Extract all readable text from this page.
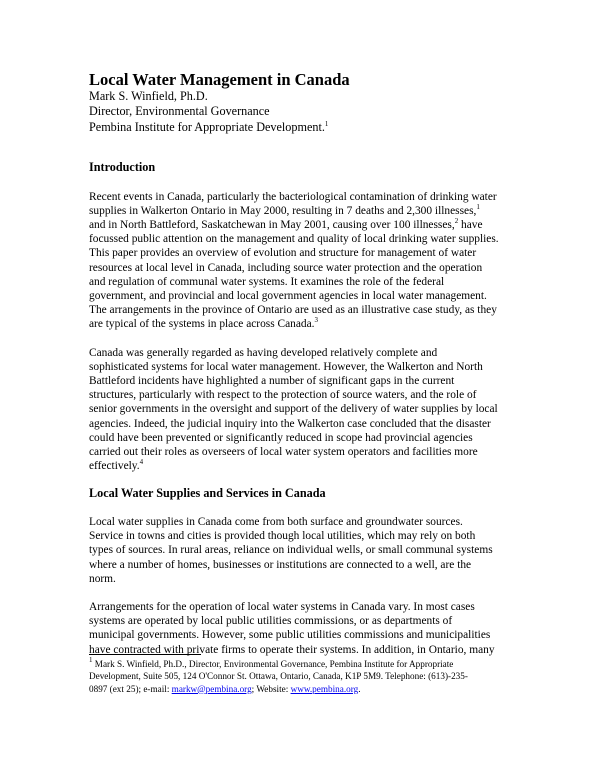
Local Water Management in Canada

Mark S. Winfield, Ph.D.

Director, Environmental Governance

Pembina Institute for Appropriate Development.$^1$

Introduction

Recent events in Canada, particularly the bacteriological contamination of drinking water
supplies in Walkerton Ontario in May 2000, resulting in 7 deaths and 2,300 illnesses,$^1$
and in North Battleford, Saskatchewan in May 2001, causing over 100 illnesses,$^2$ have
focussed public attention on the management and quality of local drinking water supplies.
This paper provides an overview of evolution and structure for management of water
resources at local level in Canada, including source water protection and the operation
and regulation of communal water systems. It examines the role of the federal
government, and provincial and local government agencies in local water management.
The arrangements in the province of Ontario are used as an illustrative case study, as they
are typical of the systems in place across Canada.$^3$

Canada was generally regarded as having developed relatively complete and
sophisticated systems for local water management. However, the Walkerton and North
Battleford incidents have highlighted a number of significant gaps in the current
structures, particularly with respect to the protection of source waters, and the role of
senior governments in the oversight and support of the delivery of water supplies by local
agencies. Indeed, the judicial inquiry into the Walkerton case concluded that the disaster
could have been prevented or significantly reduced in scope had provincial agencies
carried out their roles as overseers of local water system operators and facilities more
effectively.$^4$

Local Water Supplies and Services in Canada

Local water supplies in Canada come from both surface and groundwater sources.
Service in towns and cities is provided though local utilities, which may rely on both
types of sources. In rural areas, reliance on individual wells, or small communal systems
where a number of homes, businesses or institutions are connected to a well, are the
norm.

Arrangements for the operation of local water systems in Canada vary. In most cases
systems are operated by local public utilities commissions, or as departments of
municipal governments. However, some public utilities commissions and municipalities
have contracted with private firms to operate their systems. In addition, in Ontario, many

$^1$ Mark S. Winfield, Ph.D., Director, Environmental Governance, Pembina Institute for Appropriate
Development, Suite 505, 124 O'Connor St. Ottawa, Ontario, Canada, K1P 5M9. Telephone: (613)-235-
0897 (ext 25); e-mail: markw@pembina.org; Website: www.pembina.org.
